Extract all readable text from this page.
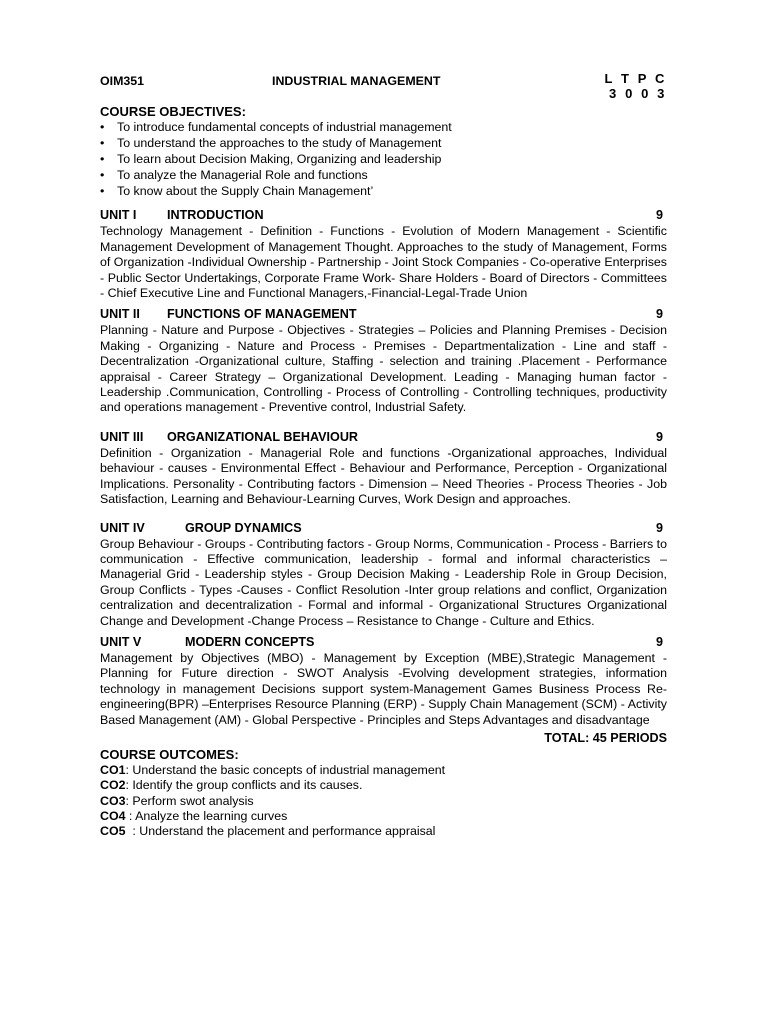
OIM351	INDUSTRIAL MANAGEMENT	L T P C
3 0 0 3
COURSE OBJECTIVES:
• To introduce fundamental concepts of industrial management
• To understand the approaches to the study of Management
• To learn about Decision Making, Organizing and leadership
• To analyze the Managerial Role and functions
• To know about the Supply Chain Management’
UNIT I INTRODUCTION	9

Technology Management - Definition - Functions - Evolution of Modern Management - Scientific Management Development of Management Thought. Approaches to the study of Management, Forms of Organization -Individual Ownership - Partnership - Joint Stock Companies - Co-operative Enterprises - Public Sector Undertakings, Corporate Frame Work- Share Holders - Board of Directors - Committees - Chief Executive Line and Functional Managers,-Financial-Legal-Trade Union

UNIT II FUNCTIONS OF MANAGEMENT	9

Planning - Nature and Purpose - Objectives - Strategies – Policies and Planning Premises - Decision Making - Organizing - Nature and Process - Premises - Departmentalization - Line and staff - Decentralization -Organizational culture, Staffing - selection and training .Placement - Performance appraisal - Career Strategy – Organizational Development. Leading - Managing human factor - Leadership .Communication, Controlling - Process of Controlling - Controlling techniques, productivity and operations management - Preventive control, Industrial Safety.

UNIT III ORGANIZATIONAL BEHAVIOUR	9

Definition - Organization - Managerial Role and functions -Organizational approaches, Individual behaviour - causes - Environmental Effect - Behaviour and Performance, Perception - Organizational Implications. Personality - Contributing factors - Dimension – Need Theories - Process Theories - Job Satisfaction, Learning and Behaviour-Learning Curves, Work Design and approaches.

UNIT IV	GROUP DYNAMICS	9

Group Behaviour - Groups - Contributing factors - Group Norms, Communication - Process - Barriers to communication - Effective communication, leadership - formal and informal characteristics – Managerial Grid - Leadership styles - Group Decision Making - Leadership Role in Group Decision, Group Conflicts - Types -Causes - Conflict Resolution -Inter group relations and conflict, Organization centralization and decentralization - Formal and informal - Organizational Structures Organizational Change and Development -Change Process – Resistance to Change - Culture and Ethics.

UNIT V	MODERN CONCEPTS	9

Management by Objectives (MBO) - Management by Exception (MBE),Strategic Management - Planning for Future direction - SWOT Analysis -Evolving development strategies, information technology in management Decisions support system-Management Games Business Process Re-engineering(BPR) –Enterprises Resource Planning (ERP) - Supply Chain Management (SCM) - Activity Based Management (AM) - Global Perspective - Principles and Steps Advantages and disadvantage

TOTAL: 45 PERIODS
COURSE OUTCOMES:
CO1: Understand the basic concepts of industrial management
CO2: Identify the group conflicts and its causes.
CO3: Perform swot analysis
CO4 : Analyze the learning curves
CO5  : Understand the placement and performance appraisal
